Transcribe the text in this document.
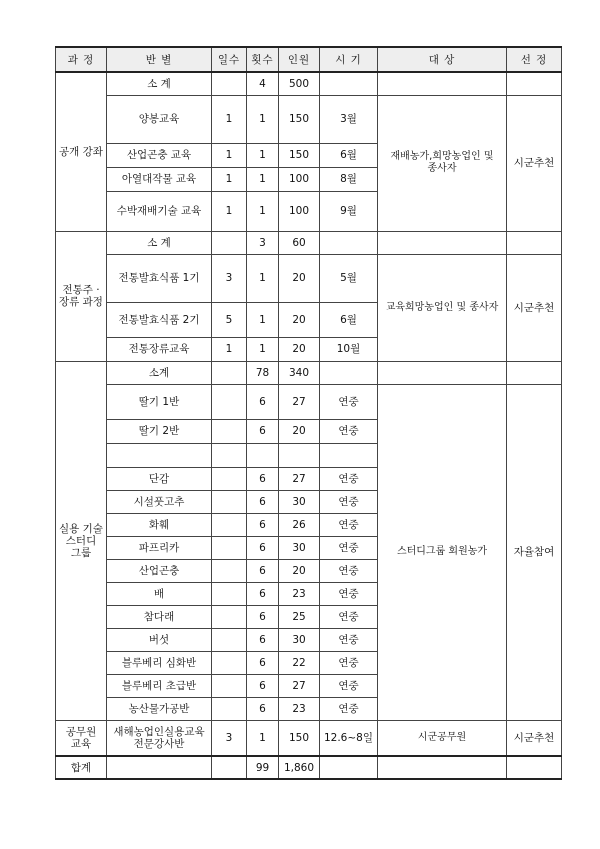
과 정	반 별	일수	횟수	인원	시 기	대 상	선 정
공개 강좌	소 계		4	500			
	양봉교육	1	1	150	3월	재배농가,희망농업인 및 종사자	시군추천
	산업곤충 교육	1	1	150	6월		
	아열대작물 교육	1	1	100	8월		
	수박재배기술 교육	1	1	100	9월		
전통주 · 장류 과정	소 계		3	60			
	전통발효식품 1기	3	1	20	5월	교육희망농업인 및 종사자	시군추천
	전통발효식품 2기	5	1	20	6월		
	전통장류교육	1	1	20	10월		
실용 기술 스터디 그룹	소계		78	340			
	딸기 1반		6	27	연중	스터디그룹 회원농가	자율참여
	딸기 2반		6	20	연중		

	단감		6	27	연중		
	시설풋고추		6	30	연중		
	화훼		6	26	연중		
	파프리카		6	30	연중		
	산업곤충		6	20	연중		
	배		6	23	연중		
	참다래		6	25	연중		
	버섯		6	30	연중		
	블루베리 심화반		6	22	연중		
	블루베리 초급반		6	27	연중		
	농산물가공반		6	23	연중		
공무원 교육	새해농업인실용교육 전문강사반	3	1	150	12.6~8일	시군공무원	시군추천
합계			99	1,860			
